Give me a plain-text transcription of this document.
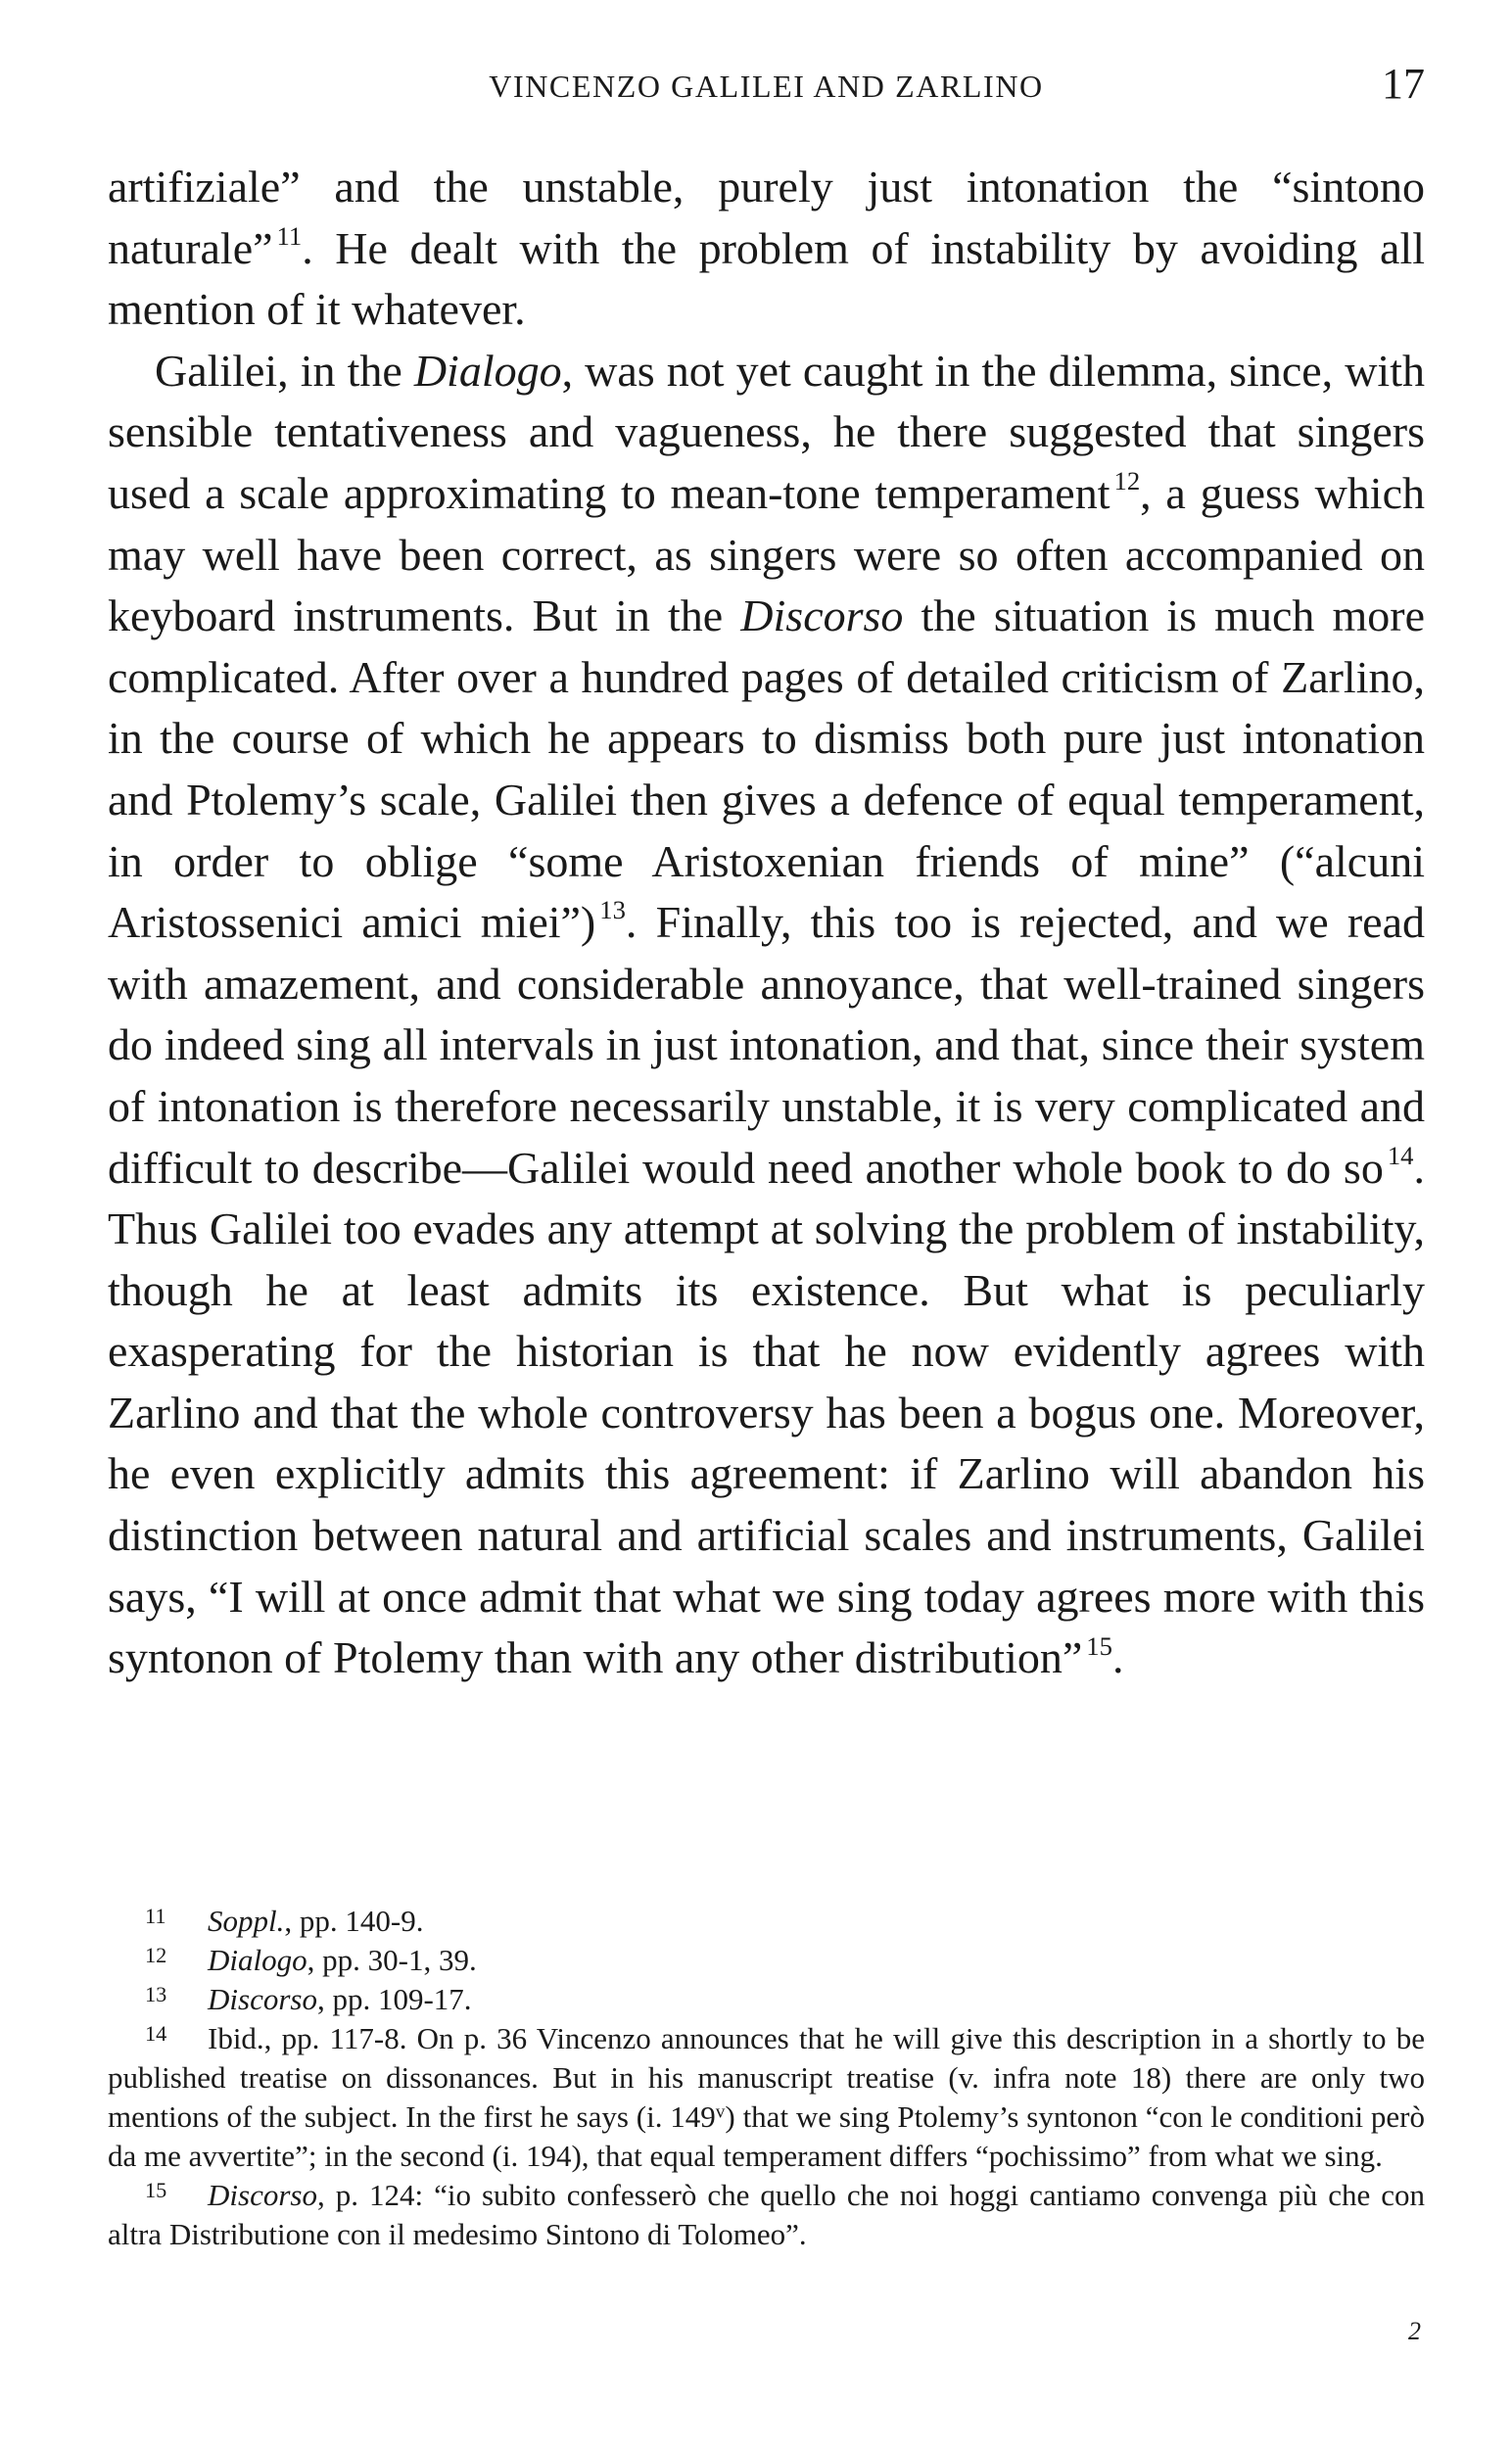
VINCENZO GALILEI AND ZARLINO	17

artifiziale” and the unstable, purely just intonation the “sintono naturale” $^{11}$. He dealt with the problem of instability by avoiding all mention of it whatever.

Galilei, in the Dialogo, was not yet caught in the dilemma, since, with sensible tentativeness and vagueness, he there suggested that singers used a scale approximating to mean-tone temperament $^{12}$, a guess which may well have been correct, as singers were so often accompanied on keyboard instruments. But in the Discorso the situation is much more complicated. After over a hundred pages of detailed criticism of Zarlino, in the course of which he appears to dismiss both pure just intonation and Ptolemy’s scale, Galilei then gives a defence of equal temperament, in order to oblige “some Aristoxenian friends of mine” (“alcuni Aristossenici amici miei”) $^{13}$. Finally, this too is rejected, and we read with amazement, and considerable annoyance, that well-trained singers do indeed sing all intervals in just intonation, and that, since their system of intonation is therefore necessarily unstable, it is very complicated and difficult to describe—Galilei would need another whole book to do so $^{14}$. Thus Galilei too evades any attempt at solving the problem of instability, though he at least admits its existence. But what is peculiarly exasperating for the historian is that he now evidently agrees with Zarlino and that the whole controversy has been a bogus one. Moreover, he even explicitly admits this agreement: if Zarlino will abandon his distinction between natural and artificial scales and instruments, Galilei says, “I will at once admit that what we sing today agrees more with this syntonon of Ptolemy than with any other distribution” $^{15}$.

11 Soppl., pp. 140-9.

12 Dialogo, pp. 30-1, 39.

13 Discorso, pp. 109-17.

14 Ibid., pp. 117-8. On p. 36 Vincenzo announces that he will give this description in a shortly to be published treatise on dissonances. But in his manuscript treatise (v. infra note 18) there are only two mentions of the subject. In the first he says (i. 149$^v$) that we sing Ptolemy’s syntonon “con le conditioni però da me avvertite”; in the second (i. 194), that equal temperament differs “pochissimo” from what we sing.

15 Discorso, p. 124: “io subito confesserò che quello che noi hoggi cantiamo convenga più che con altra Distributione con il medesimo Sintono di Tolomeo”.

2
